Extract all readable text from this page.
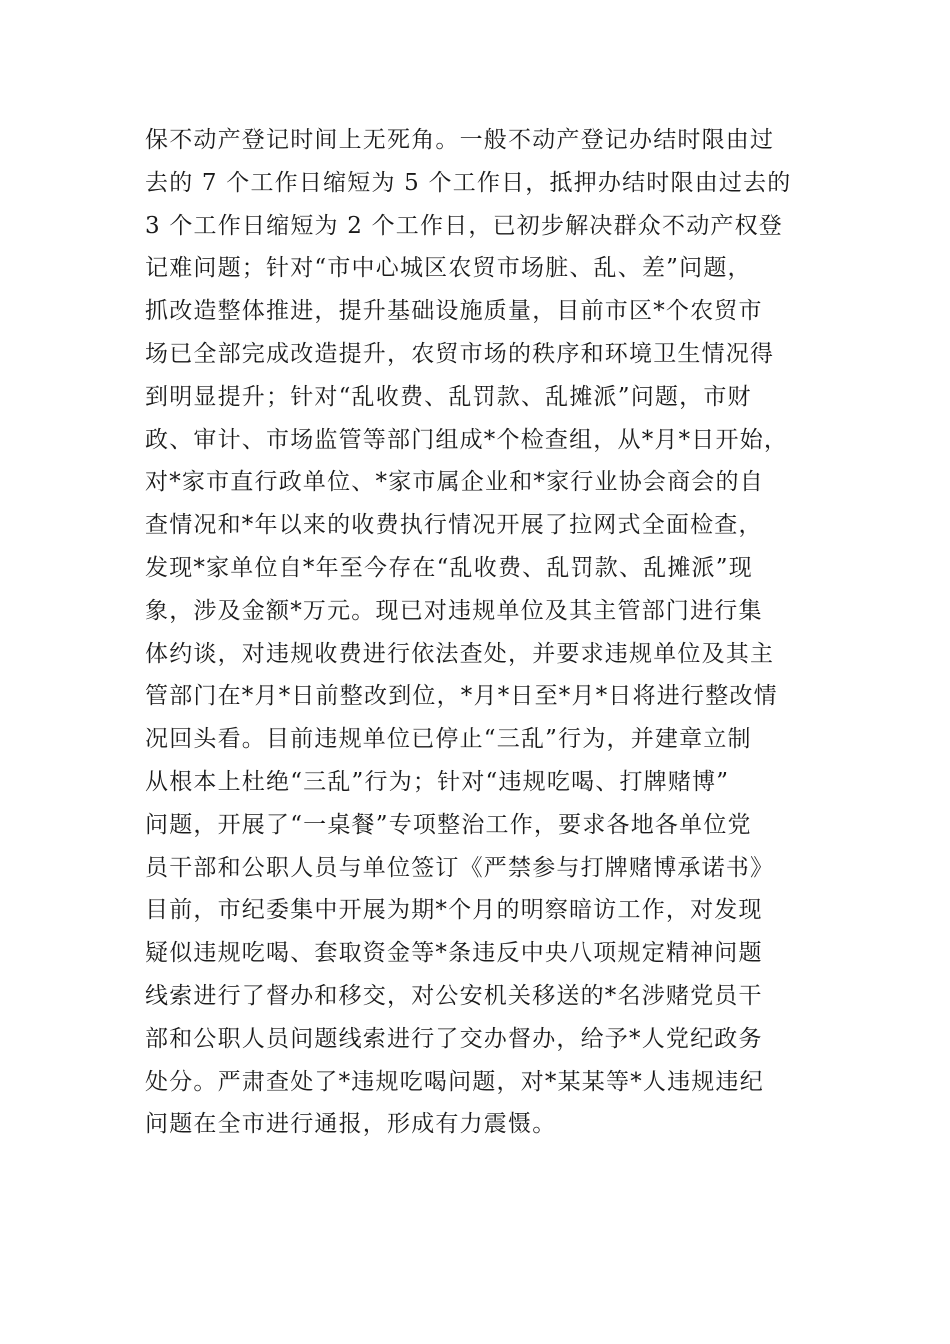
保不动产登记时间上无死角。一般不动产登记办结时限由过
去的 7 个工作日缩短为 5 个工作日，抵押办结时限由过去的
3 个工作日缩短为 2 个工作日，已初步解决群众不动产权登
记难问题；针对“市中心城区农贸市场脏、乱、差”问题，
抓改造整体推进，提升基础设施质量，目前市区*个农贸市
场已全部完成改造提升，农贸市场的秩序和环境卫生情况得
到明显提升；针对“乱收费、乱罚款、乱摊派”问题，市财
政、审计、市场监管等部门组成*个检查组，从*月*日开始，
对*家市直行政单位、*家市属企业和*家行业协会商会的自
查情况和*年以来的收费执行情况开展了拉网式全面检查，
发现*家单位自*年至今存在“乱收费、乱罚款、乱摊派”现
象，涉及金额*万元。现已对违规单位及其主管部门进行集
体约谈，对违规收费进行依法查处，并要求违规单位及其主
管部门在*月*日前整改到位，*月*日至*月*日将进行整改情
况回头看。目前违规单位已停止“三乱”行为，并建章立制
从根本上杜绝“三乱”行为；针对“违规吃喝、打牌赌博”
问题，开展了“一桌餐”专项整治工作，要求各地各单位党
员干部和公职人员与单位签订《严禁参与打牌赌博承诺书》
目前，市纪委集中开展为期*个月的明察暗访工作，对发现
疑似违规吃喝、套取资金等*条违反中央八项规定精神问题
线索进行了督办和移交，对公安机关移送的*名涉赌党员干
部和公职人员问题线索进行了交办督办，给予*人党纪政务
处分。严肃查处了*违规吃喝问题，对*某某等*人违规违纪
问题在全市进行通报，形成有力震慑。
